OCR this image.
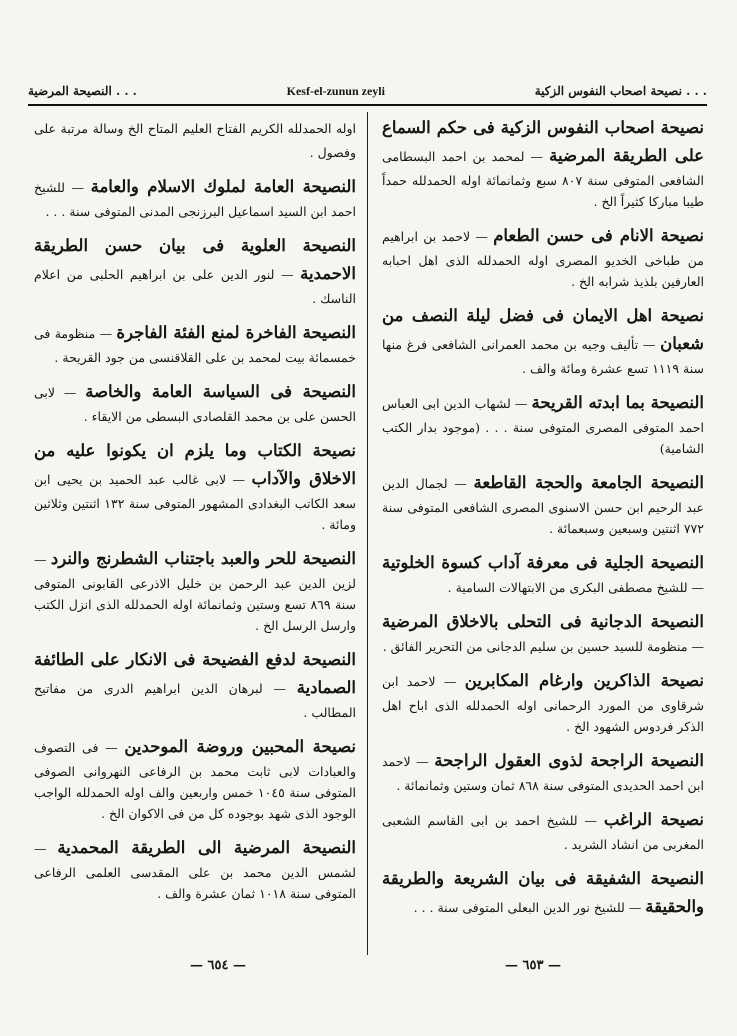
النصيحة المرضية . . .	Kesf-el-zunun zeyli	نصيحة اصحاب النفوس الزكية . . .
نصيحة اصحاب النفوس الزكية فى حكم السماع على الطريقة المرضية — لمحمد بن احمد البسطامى الشافعى المتوفى سنة ٨٠٧ سبع وثمانمائة اوله الحمدلله حمداً طيبا مباركا كثيراً الخ .
نصيحة الانام فى حسن الطعام — لاحمد بن ابراهيم من طباخى الخديو المصرى اوله الحمدلله الذى اهل احبابه العارفين بلذيذ شرابه الخ .
نصيحة اهل الايمان فى فضل ليلة النصف من شعبان — تأليف وجيه بن محمد العمرانى الشافعى فرغ منها سنة ١١١٩ تسع عشرة ومائة والف .
النصيحة بما ابدته القريحة — لشهاب الدين ابى العباس احمد المتوفى المصرى المتوفى سنة . . . (موجود بدار الكتب الشامية)
النصيحة الجامعة والحجة القاطعة — لجمال الدين عبد الرحيم ابن حسن الاسنوى المصرى الشافعى المتوفى سنة ٧٧٢ اثنتين وسبعين وسبعمائة .
النصيحة الجلية فى معرفة آداب كسوة الخلوتية — للشيخ مصطفى البكرى من الابتهالات السامية .
النصيحة الدجانية فى التحلى بالاخلاق المرضية — منظومة للسيد حسين بن سليم الدجانى من التحرير الفائق .
نصيحة الذاكرين وارغام المكابرين — لاحمد ابن شرقاوى من المورد الرحمانى اوله الحمدلله الذى اباح اهل الذكر فردوس الشهود الخ .
النصيحة الراجحة لذوى العقول الراجحة — لاحمد ابن احمد الحديدى المتوفى سنة ٨٦٨ ثمان وستين وثمانمائة .
نصيحة الراغب — للشيخ احمد بن ابى القاسم الشعبى المغربى من انشاد الشريد .
النصيحة الشفيقة فى بيان الشريعة والطريقة والحقيقة — للشيخ نور الدين البعلى المتوفى سنة . . .
اوله الحمدلله الكريم الفتاح العليم المتاح الخ وسالة مرتبة على وفصول .
النصيحة العامة لملوك الاسلام والعامة — للشيخ احمد ابن السيد اسماعيل البرزنجى المدنى المتوفى سنة . . .
النصيحة العلوية فى بيان حسن الطريقة الاحمدية — لنور الدين على بن ابراهيم الحلبى من اعلام الناسك .
النصيحة الفاخرة لمنع الفئة الفاجرة — منظومة فى خمسمائة بيت لمحمد بن على القلاقنسى من جود القريحة .
النصيحة فى السياسة العامة والخاصة — لابى الحسن على بن محمد القلصادى البسطى من الايقاء .
نصيحة الكتاب وما يلزم ان يكونوا عليه من الاخلاق والآداب — لابى غالب عبد الحميد بن يحيى ابن سعد الكاتب البغدادى المشهور المتوفى سنة ١٣٢ اثنتين وثلاثين ومائة .
النصيحة للحر والعبد باجتناب الشطرنج والنرد — لزين الدين عبد الرحمن بن خليل الاذرعى القابونى المتوفى سنة ٨٦٩ تسع وستين وثمانمائة اوله الحمدلله الذى انزل الكتب وارسل الرسل الخ .
النصيحة لدفع الفضيحة فى الانكار على الطائفة الصمادية — لبرهان الدين ابراهيم الدرى من مفاتيح المطالب .
نصيحة المحبين وروضة الموحدين — فى التصوف والعبادات لابى ثابت محمد بن الرفاعى النهروانى الصوفى المتوفى سنة ١٠٤٥ خمس واربعين والف اوله الحمدلله الواجب الوجود الذى شهد بوجوده كل من فى الاكوان الخ .
النصيحة المرضية الى الطريقة المحمدية — لشمس الدين محمد بن على المقدسى العلمى الرفاعى المتوفى سنة ١٠١٨ ثمان عشرة والف .
— ٦٥٣ —
— ٦٥٤ —
